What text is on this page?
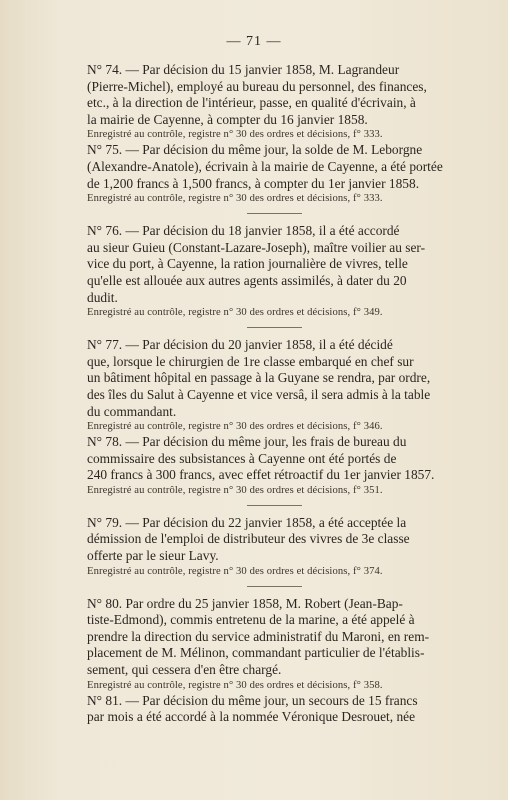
— 71 —

N° 74. — Par décision du 15 janvier 1858, M. Lagrandeur

(Pierre-Michel), employé au bureau du personnel, des finances,

etc., à la direction de l'intérieur, passe, en qualité d'écrivain, à

la mairie de Cayenne, à compter du 16 janvier 1858.

Enregistré au contrôle, registre n° 30 des ordres et décisions, f° 333.

N° 75. — Par décision du même jour, la solde de M. Leborgne

(Alexandre-Anatole), écrivain à la mairie de Cayenne, a été portée

de 1,200 francs à 1,500 francs, à compter du 1er janvier 1858.

Enregistré au contrôle, registre n° 30 des ordres et décisions, f° 333.

N° 76. — Par décision du 18 janvier 1858, il a été accordé

au sieur Guieu (Constant-Lazare-Joseph), maître voilier au ser-

vice du port, à Cayenne, la ration journalière de vivres, telle

qu'elle est allouée aux autres agents assimilés, à dater du 20

dudit.

Enregistré au contrôle, registre n° 30 des ordres et décisions, f° 349.

N° 77. — Par décision du 20 janvier 1858, il a été décidé

que, lorsque le chirurgien de 1re classe embarqué en chef sur

un bâtiment hôpital en passage à la Guyane se rendra, par ordre,

des îles du Salut à Cayenne et vice versâ, il sera admis à la table

du commandant.

Enregistré au contrôle, registre n° 30 des ordres et décisions, f° 346.

N° 78. — Par décision du même jour, les frais de bureau du

commissaire des subsistances à Cayenne ont été portés de

240 francs à 300 francs, avec effet rétroactif du 1er janvier 1857.

Enregistré au contrôle, registre n° 30 des ordres et décisions, f° 351.

N° 79. — Par décision du 22 janvier 1858, a été acceptée la

démission de l'emploi de distributeur des vivres de 3e classe

offerte par le sieur Lavy.

Enregistré au contrôle, registre n° 30 des ordres et décisions, f° 374.

N° 80. Par ordre du 25 janvier 1858, M. Robert (Jean-Bap-

tiste-Edmond), commis entretenu de la marine, a été appelé à

prendre la direction du service administratif du Maroni, en rem-

placement de M. Mélinon, commandant particulier de l'établis-

sement, qui cessera d'en être chargé.

Enregistré au contrôle, registre n° 30 des ordres et décisions, f° 358.

N° 81. — Par décision du même jour, un secours de 15 francs

par mois a été accordé à la nommée Véronique Desrouet, née
